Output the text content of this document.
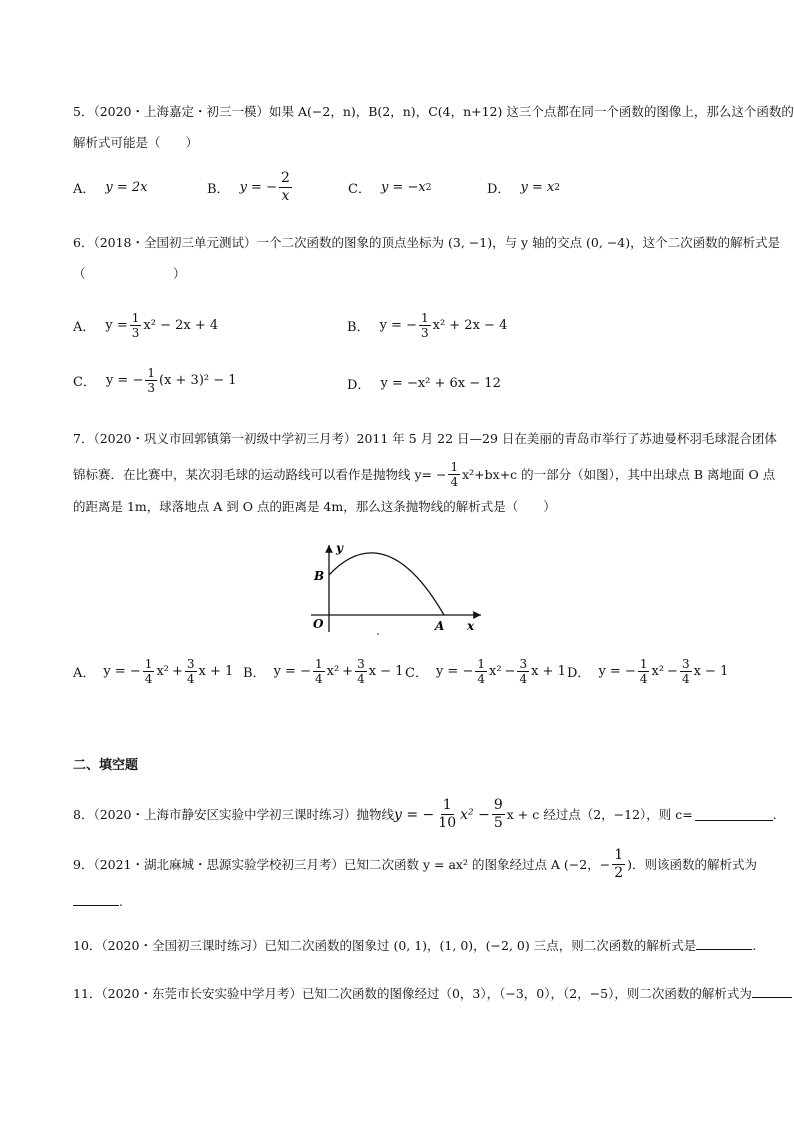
5．（2020・上海嘉定・初三一模）如果 A(−2，n)，B(2，n)，C(4，n+12) 这三个点都在同一个函数的图像上，那么这个函数的
解析式可能是（　　）
A． y = 2x	B． y = − $\frac{2}{x}$	C． y = −x 2	D． y = x 2
6．（2018・全国初三单元测试）一个二次函数的图象的顶点坐标为 (3, −1)，与 y 轴的交点 (0, −4)，这个二次函数的解析式是
（　　　　　　　）
A． $y = \frac{1}{3} x^2 - 2x + 4$	B． y = − $\frac{1}{3} x^2 + 2x - 4$
C． y = − $\frac{1}{3} (x + 3)^2 - 1$	D． y = −x² + 6x − 12
7．（2020・巩义市回郭镇第一初级中学初三月考）2011 年 5 月 22 日—29 日在美丽的青岛市举行了苏迪曼杯羽毛球混合团体
锦标赛．在比赛中，某次羽毛球的运动路线可以看作是抛物线 $y= - \frac{1}{4} x^2+bx+c$ 的一部分（如图），其中出球点 B 离地面 O 点
的距离是 1m，球落地点 A 到 O 点的距离是 4m，那么这条抛物线的解析式是（　　）
y
x
O
B
A
A． y = − $\frac{1}{4} x^2 + \frac{3}{4}$ x + 1 B． y = − $\frac{1}{4} x^2 + \frac{3}{4}$ x − 1 C． y = − $\frac{1}{4} x^2 - \frac{3}{4}$ x + 1 D． y = − $\frac{1}{4} x^2 - \frac{3}{4}$ x − 1
二、填空题
8．（2020・上海市静安区实验中学初三课时练习）抛物线 y = − $\frac{1}{10} x^2 - \frac{9}{5}$ x + c 经过点（2，−12），则 c=	.
9．（2021・湖北麻城・思源实验学校初三月考）已知二次函数 y = ax² 的图象经过点 A (−2，− $\frac{1}{2}$ )．则该函数的解析式为
.
10．（2020・全国初三课时练习）已知二次函数的图象过 (0, 1)，(1, 0)，(−2, 0) 三点，则二次函数的解析式是	.
11．（2020・东莞市长安实验中学月考）已知二次函数的图像经过（0，3），（−3，0），（2，−5），则二次函数的解析式为
